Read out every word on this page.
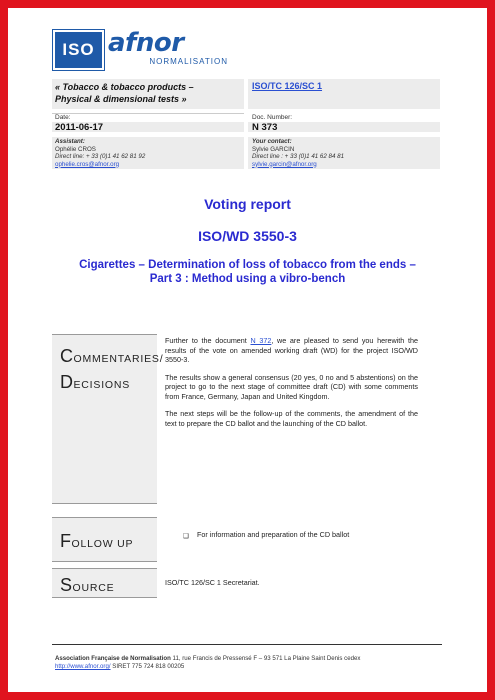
ISO afnor
NORMALISATION
« Tobacco & tobacco products –
Physical & dimensional tests »
ISO/TC 126/SC 1
Date:
2011-06-17
Doc. Number:
N 373
Assistant:
Ophélie CROS
Direct line: + 33 (0)1 41 62 81 92
ophelie.cros@afnor.org
Your contact:
Sylvie GARCIN
Direct line : + 33 (0)1 41 62 84 81
sylvie.garcin@afnor.org
Voting report
ISO/WD 3550-3
Cigarettes – Determination of loss of tobacco from the ends –
Part 3 : Method using a vibro-bench
COMMENTARIES/
DECISIONS

Further to the document N 372, we are pleased to send you herewith the results of the vote on amended working draft (WD) for the project ISO/WD 3550-3.

The results show a general consensus (20 yes, 0 no and 5 abstentions) on the project to go to the next stage of committee draft (CD) with some comments from France, Germany, Japan and United Kingdom.

The next steps will be the follow-up of the comments, the amendment of the text to prepare the CD ballot and the launching of the CD ballot.

FOLLOW UP
❑ For information and preparation of the CD ballot
SOURCE	ISO/TC 126/SC 1 Secretariat.
Association Française de Normalisation 11, rue Francis de Pressensé F – 93 571 La Plaine Saint Denis cedex
http://www.afnor.org/ SIRET 775 724 818 00205
